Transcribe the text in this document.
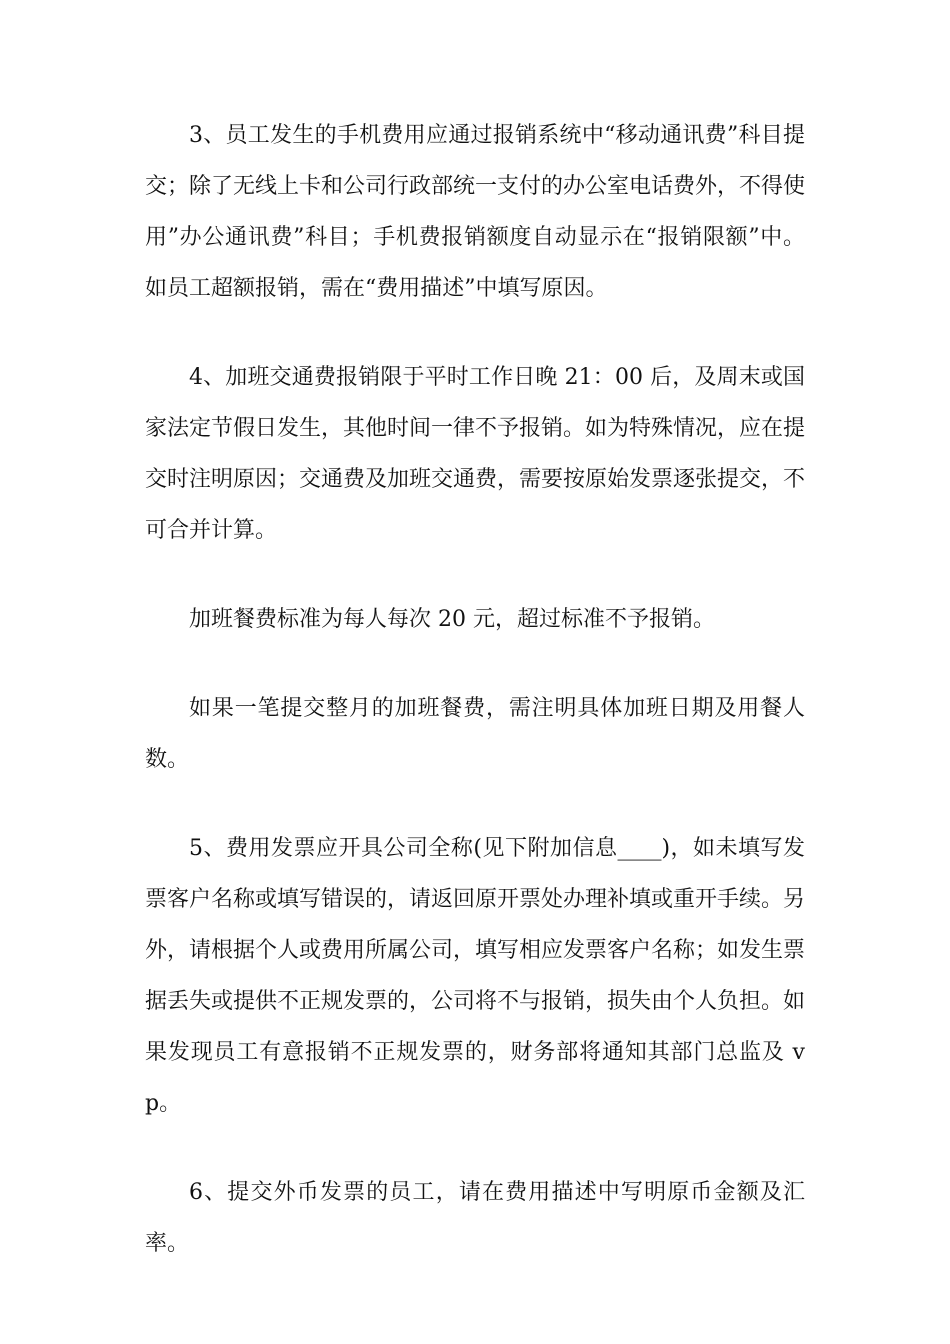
3、员工发生的手机费用应通过报销系统中“移动通讯费”科目提交；除了无线上卡和公司行政部统一支付的办公室电话费外，不得使用”办公通讯费”科目；手机费报销额度自动显示在“报销限额”中。如员工超额报销，需在“费用描述”中填写原因。

4、加班交通费报销限于平时工作日晚 21：00 后，及周末或国家法定节假日发生，其他时间一律不予报销。如为特殊情况，应在提交时注明原因；交通费及加班交通费，需要按原始发票逐张提交，不可合并计算。

加班餐费标准为每人每次 20 元，超过标准不予报销。

如果一笔提交整月的加班餐费，需注明具体加班日期及用餐人数。

5、费用发票应开具公司全称(见下附加信息____)，如未填写发票客户名称或填写错误的，请返回原开票处办理补填或重开手续。另外，请根据个人或费用所属公司，填写相应发票客户名称；如发生票据丢失或提供不正规发票的，公司将不与报销，损失由个人负担。如果发现员工有意报销不正规发票的，财务部将通知其部门总监及 vp。

6、提交外币发票的员工，请在费用描述中写明原币金额及汇率。
